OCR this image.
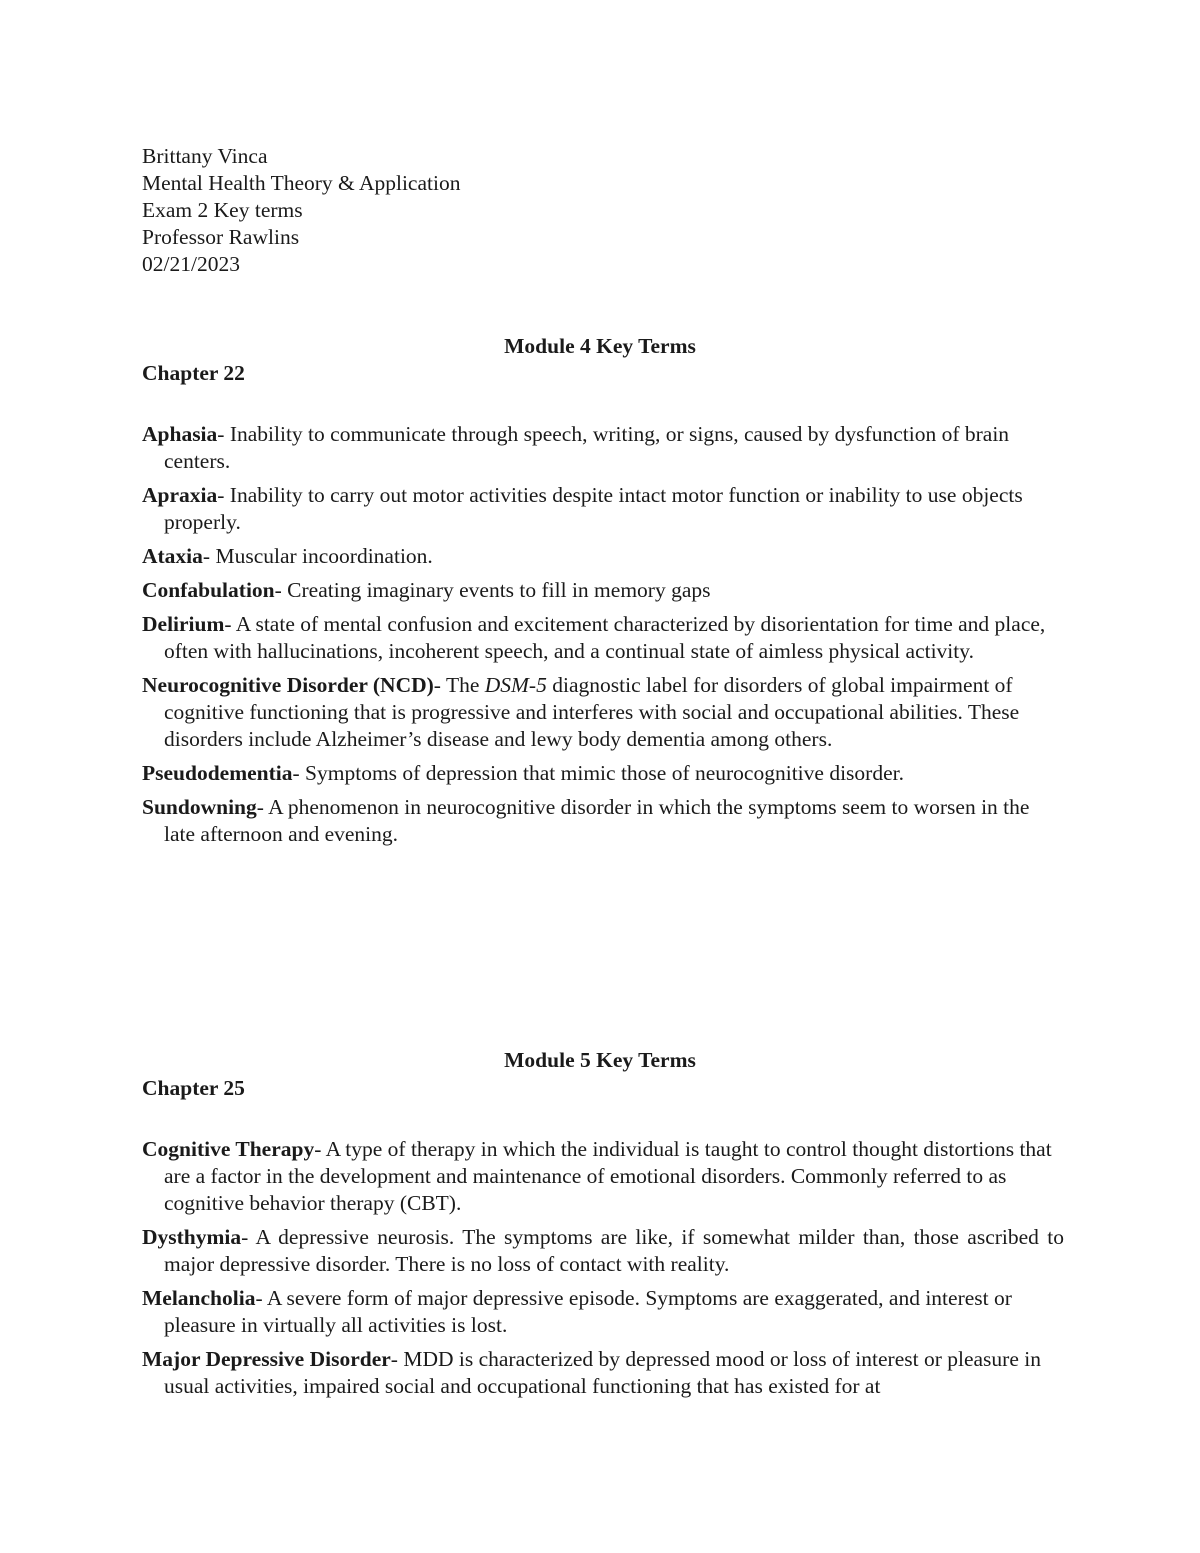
Brittany Vinca
Mental Health Theory & Application
Exam 2 Key terms
Professor Rawlins
02/21/2023
Module 4 Key Terms
Chapter 22

Aphasia- Inability to communicate through speech, writing, or signs, caused by dysfunction of brain centers.

Apraxia- Inability to carry out motor activities despite intact motor function or inability to use objects properly.

Ataxia- Muscular incoordination.

Confabulation- Creating imaginary events to fill in memory gaps

Delirium- A state of mental confusion and excitement characterized by disorientation for time and place, often with hallucinations, incoherent speech, and a continual state of aimless physical activity.

Neurocognitive Disorder (NCD)- The DSM-5 diagnostic label for disorders of global impairment of cognitive functioning that is progressive and interferes with social and occupational abilities. These disorders include Alzheimer’s disease and lewy body dementia among others.

Pseudodementia- Symptoms of depression that mimic those of neurocognitive disorder.

Sundowning- A phenomenon in neurocognitive disorder in which the symptoms seem to worsen in the late afternoon and evening.

Module 5 Key Terms
Chapter 25

Cognitive Therapy- A type of therapy in which the individual is taught to control thought distortions that are a factor in the development and maintenance of emotional disorders. Commonly referred to as cognitive behavior therapy (CBT).

Dysthymia- A depressive neurosis. The symptoms are like, if somewhat milder than, those ascribed to major depressive disorder. There is no loss of contact with reality.

Melancholia- A severe form of major depressive episode. Symptoms are exaggerated, and interest or pleasure in virtually all activities is lost.

Major Depressive Disorder- MDD is characterized by depressed mood or loss of interest or pleasure in usual activities, impaired social and occupational functioning that has existed for at
